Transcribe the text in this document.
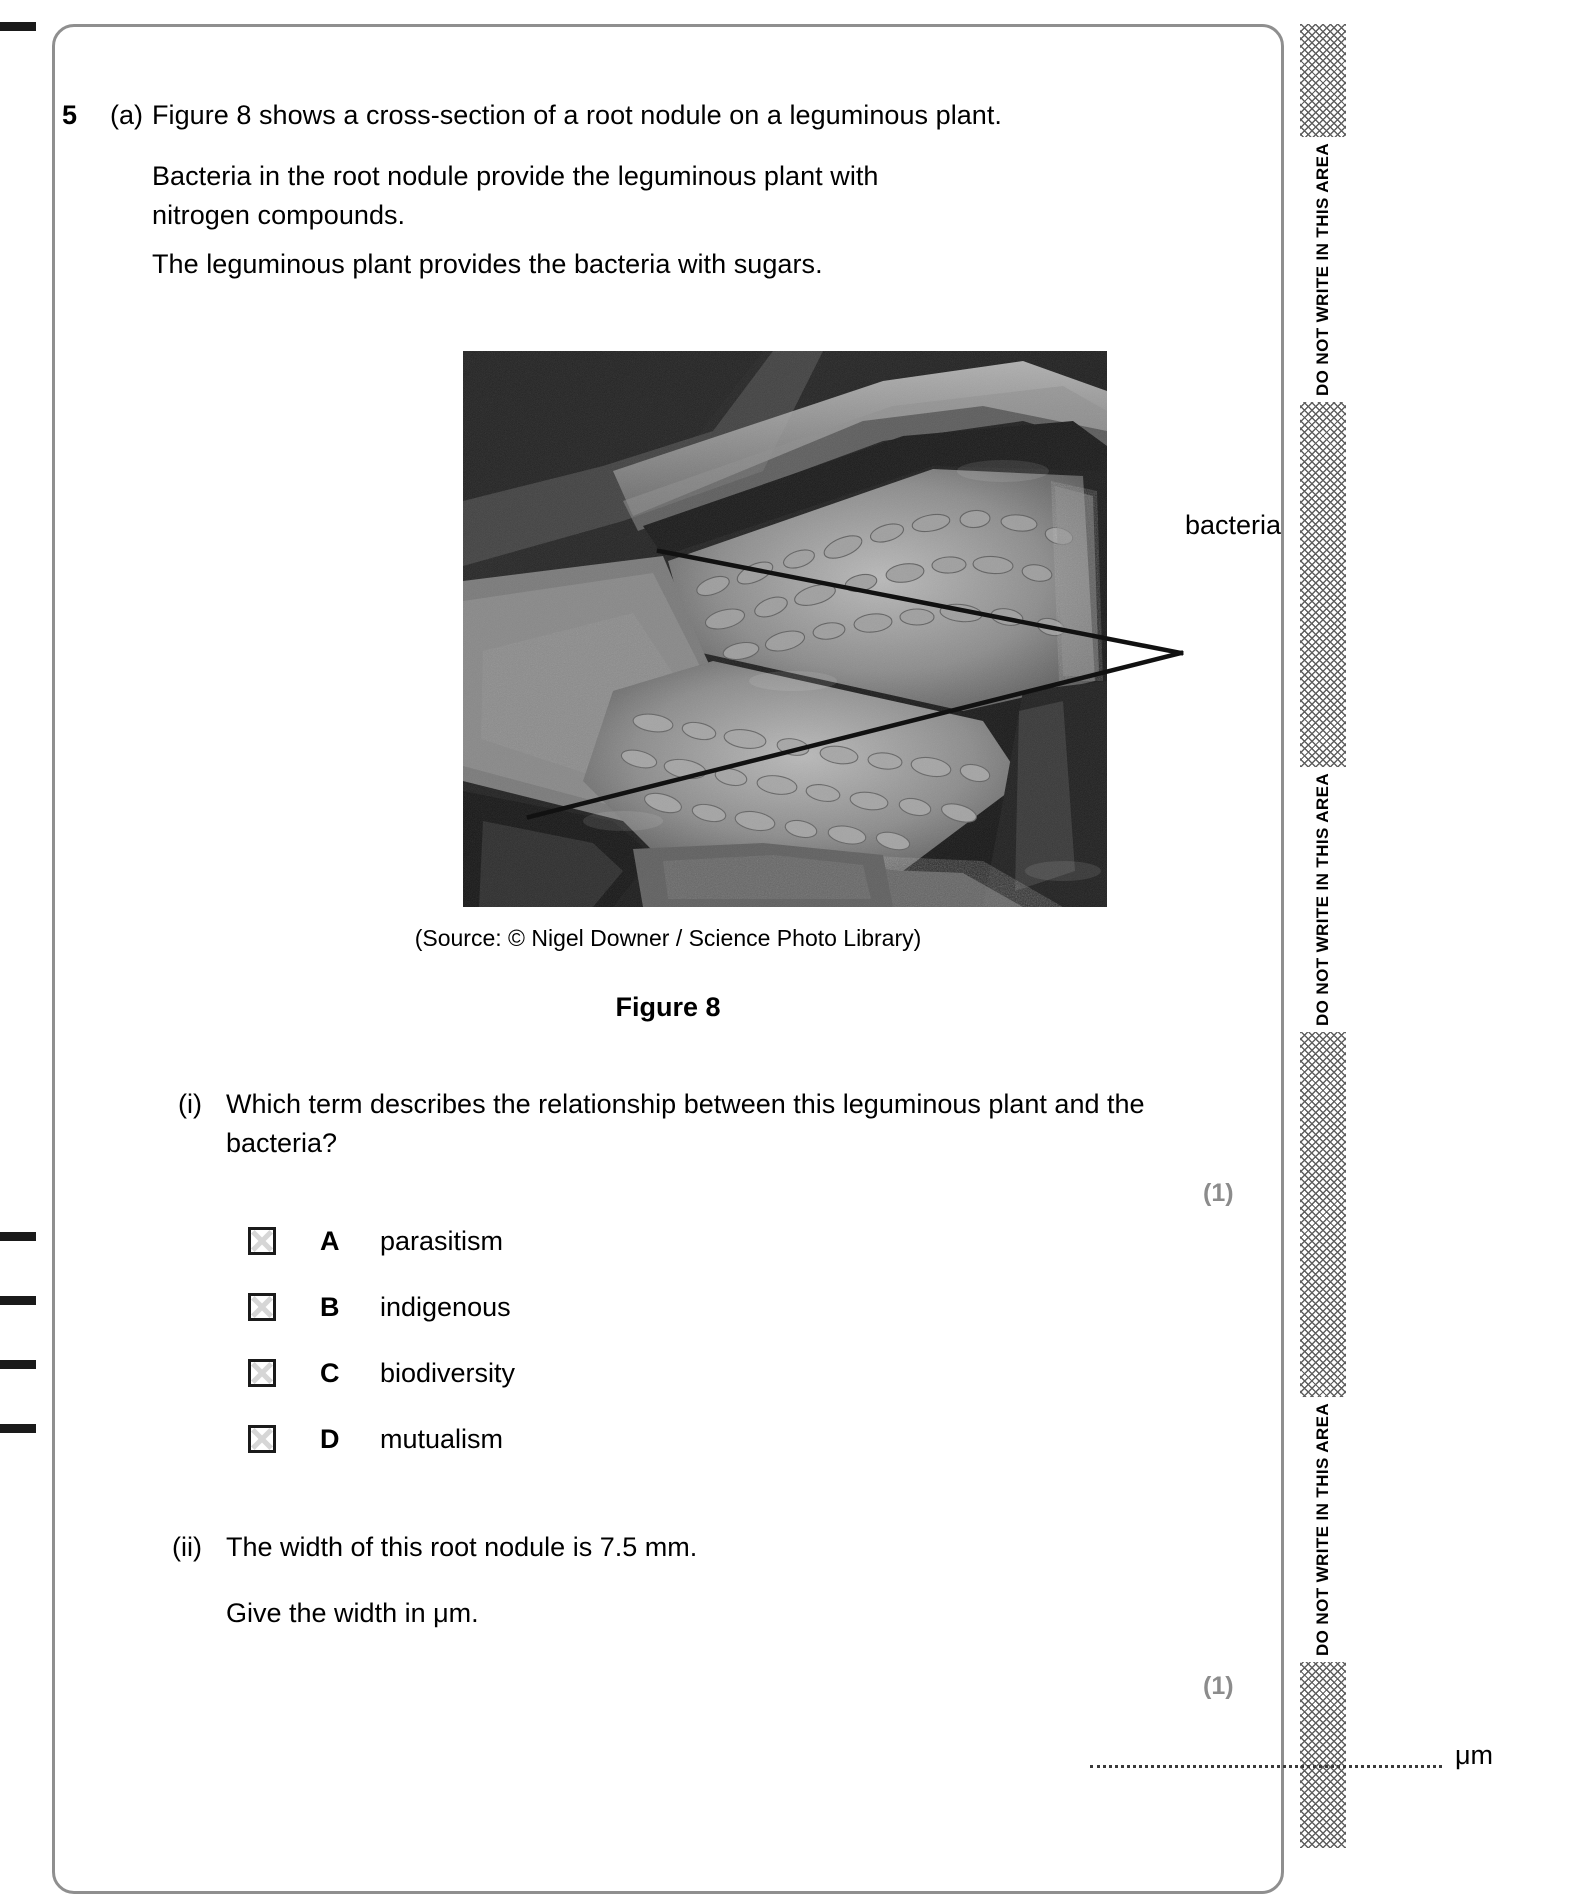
DO NOT WRITE IN THIS AREA
DO NOT WRITE IN THIS AREA
DO NOT WRITE IN THIS AREA
5 (a) Figure 8 shows a cross-section of a root nodule on a leguminous plant.
Bacteria in the root nodule provide the leguminous plant with nitrogen compounds.
The leguminous plant provides the bacteria with sugars.
bacteria
(Source: © Nigel Downer / Science Photo Library)
Figure 8
(i) Which term describes the relationship between this leguminous plant and the bacteria?
(1)
A	parasitism
B	indigenous
C	biodiversity
D	mutualism
(ii) The width of this root nodule is 7.5 mm.
Give the width in μm.
(1)
μm
